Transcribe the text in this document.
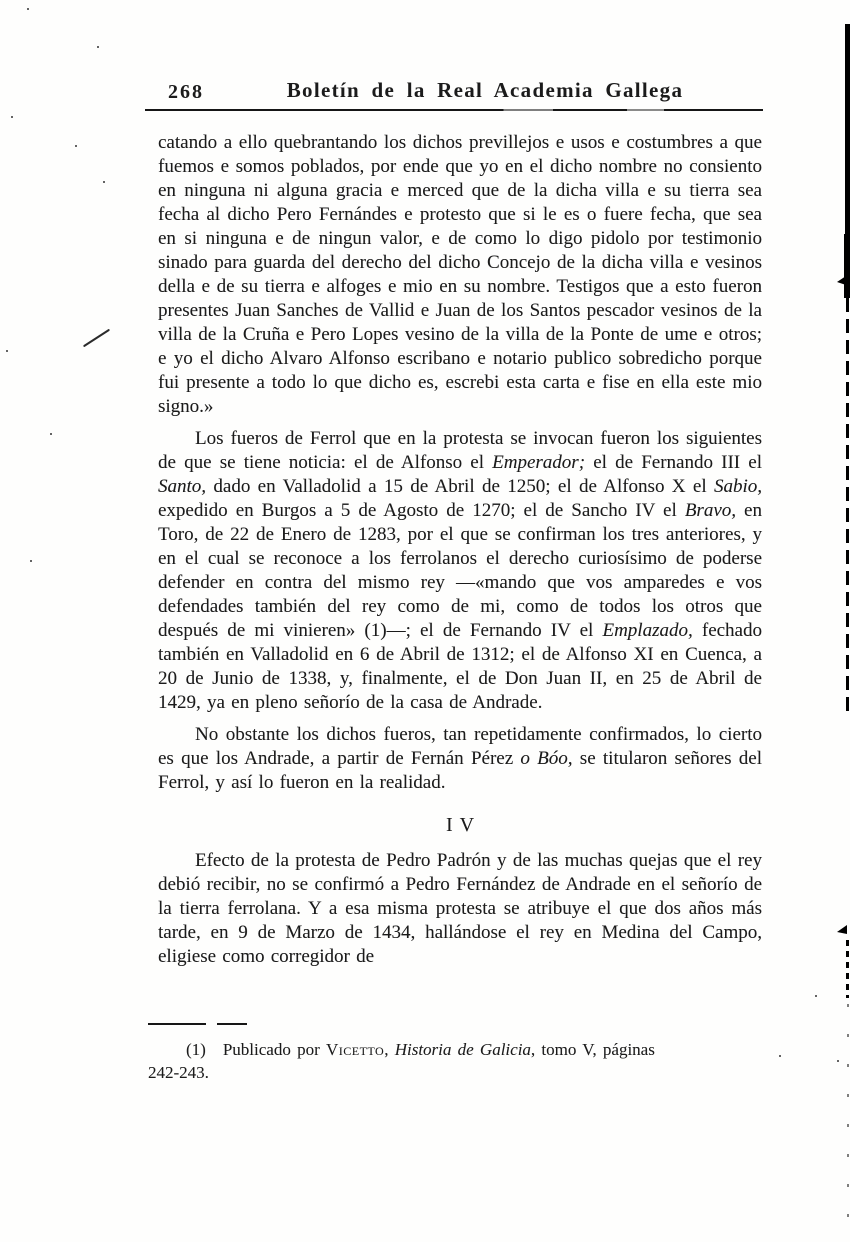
268	Boletín de la Real Academia Gallega

catando a ello quebrantando los dichos previllejos e usos e costumbres a que fuemos e somos poblados, por ende que yo en el dicho nombre no consiento en ninguna ni alguna gracia e merced que de la dicha villa e su tierra sea fecha al dicho Pero Fernándes e protesto que si le es o fuere fecha, que sea en si ninguna e de ningun valor, e de como lo digo pidolo por testimonio sinado para guarda del derecho del dicho Concejo de la dicha villa e vesinos della e de su tierra e alfoges e mio en su nombre. Testigos que a esto fueron presentes Juan Sanches de Vallid e Juan de los Santos pescador vesinos de la villa de la Cruña e Pero Lopes vesino de la villa de la Ponte de ume e otros; e yo el dicho Alvaro Alfonso escribano e notario publico sobredicho porque fui presente a todo lo que dicho es, escrebi esta carta e fise en ella este mio signo.»

Los fueros de Ferrol que en la protesta se invocan fueron los siguientes de que se tiene noticia: el de Alfonso el Emperador; el de Fernando III el Santo, dado en Valladolid a 15 de Abril de 1250; el de Alfonso X el Sabio, expedido en Burgos a 5 de Agosto de 1270; el de Sancho IV el Bravo, en Toro, de 22 de Enero de 1283, por el que se confirman los tres anteriores, y en el cual se reconoce a los ferrolanos el derecho curiosísimo de poderse defender en contra del mismo rey —«mando que vos amparedes e vos defendades también del rey como de mi, como de todos los otros que después de mi vinieren» (1)—; el de Fernando IV el Emplazado, fechado también en Valladolid en 6 de Abril de 1312; el de Alfonso XI en Cuenca, a 20 de Junio de 1338, y, finalmente, el de Don Juan II, en 25 de Abril de 1429, ya en pleno señorío de la casa de Andrade.

No obstante los dichos fueros, tan repetidamente confirmados, lo cierto es que los Andrade, a partir de Fernán Pérez o Bóo, se titularon señores del Ferrol, y así lo fueron en la realidad.

IV

Efecto de la protesta de Pedro Padrón y de las muchas quejas que el rey debió recibir, no se confirmó a Pedro Fernández de Andrade en el señorío de la tierra ferrolana. Y a esa misma protesta se atribuye el que dos años más tarde, en 9 de Marzo de 1434, hallándose el rey en Medina del Campo, eligiese como corregidor de

(1) Publicado por Vicetto, Historia de Galicia, tomo V, páginas

242-243.
